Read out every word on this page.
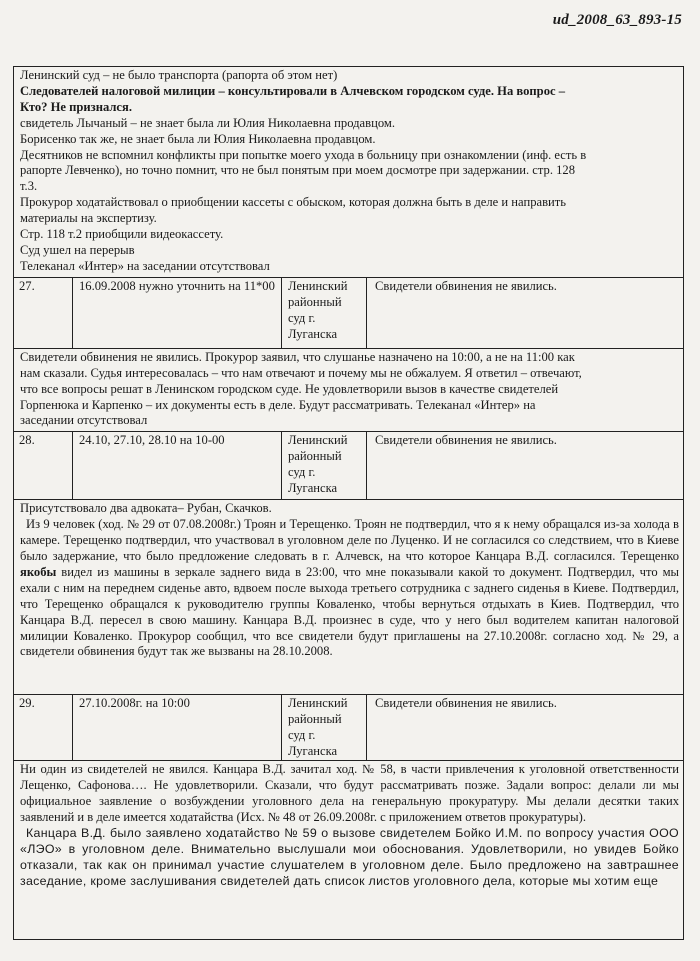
ud_2008_63_893-15
Ленинский суд – не было транспорта (рапорта об этом нет)
Следователей налоговой милиции – консультировали в Алчевском городском суде. На вопрос –
Кто? Не признался.
свидетель Лычаный – не знает была ли Юлия Николаевна продавцом.
Борисенко так же, не знает была ли Юлия Николаевна продавцом.
Десятников не вспомнил конфликты при попытке моего ухода в больницу при ознакомлении (инф. есть в
рапорте Левченко), но точно помнит, что не был понятым при моем досмотре при задержании. стр. 128
т.3.
Прокурор ходатайствовал о приобщении кассеты с обыском, которая должна быть в деле и направить
материалы на экспертизу.
Стр. 118 т.2 приобщили видеокассету.
Суд ушел на перерыв
Телеканал «Интер» на заседании отсутствовал
27.	16.09.2008 нужно уточнить на 11*00	Ленинский
районный
суд г.
Луганска
Свидетели обвинения не явились.
Свидетели обвинения не явились. Прокурор заявил, что слушанье назначено на 10:00, а не на 11:00 как
нам сказали. Судья интересовалась – что нам отвечают и почему мы не обжалуем. Я ответил – отвечают,
что все вопросы решат в Ленинском городском суде. Не удовлетворили вызов в качестве свидетелей
Горпенюка и Карпенко – их документы есть в деле. Будут рассматривать. Телеканал «Интер» на
заседании отсутствовал
28.	24.10, 27.10, 28.10 на 10-00	Ленинский
районный
суд г.
Луганска
Свидетели обвинения не явились.
Присутствовало два адвоката– Рубан, Скачков.
Из 9 человек (ход. № 29 от 07.08.2008г.) Троян и Терещенко. Троян не подтвердил, что я к нему обращался из-за холода в камере. Терещенко подтвердил, что участвовал в уголовном деле по Луценко. И не согласился со следствием, что в Киеве было задержание, что было предложение следовать в г. Алчевск, на что которое Канцара В.Д. согласился. Терещенко якобы видел из машины в зеркале заднего вида в 23:00, что мне показывали какой то документ. Подтвердил, что мы ехали с ним на переднем сиденье авто, вдвоем после выхода третьего сотрудника с заднего сиденья в Киеве. Подтвердил, что Терещенко обращался к руководителю группы Коваленко, чтобы вернуться отдыхать в Киев. Подтвердил, что Канцара В.Д. пересел в свою машину. Канцара В.Д. произнес в суде, что у него был водителем капитан налоговой милиции Коваленко. Прокурор сообщил, что все свидетели будут приглашены на 27.10.2008г. согласно ход. № 29, а свидетели обвинения будут так же вызваны на 28.10.2008.
29.	27.10.2008г. на 10:00	Ленинский
районный
суд г.
Луганска
Свидетели обвинения не явились.
Ни один из свидетелей не явился. Канцара В.Д. зачитал ход. № 58, в части привлечения к уголовной ответственности Лещенко, Сафонова…. Не удовлетворили. Сказали, что будут рассматривать позже. Задали вопрос: делали ли мы официальное заявление о возбуждении уголовного дела на генеральную прокуратуру. Мы делали десятки таких заявлений и в деле имеется ходатайства (Исх. № 48 от 26.09.2008г. с приложением ответов прокуратуры).
Канцара В.Д. было заявлено ходатайство № 59 о вызове свидетелем Бойко И.М. по вопросу участия ООО «ЛЭО» в уголовном деле. Внимательно выслушали мои обоснования. Удовлетворили, но увидев Бойко отказали, так как он принимал участие слушателем в уголовном деле. Было предложено на завтрашнее заседание, кроме заслушивания свидетелей дать список листов уголовного дела, которые мы хотим еще
